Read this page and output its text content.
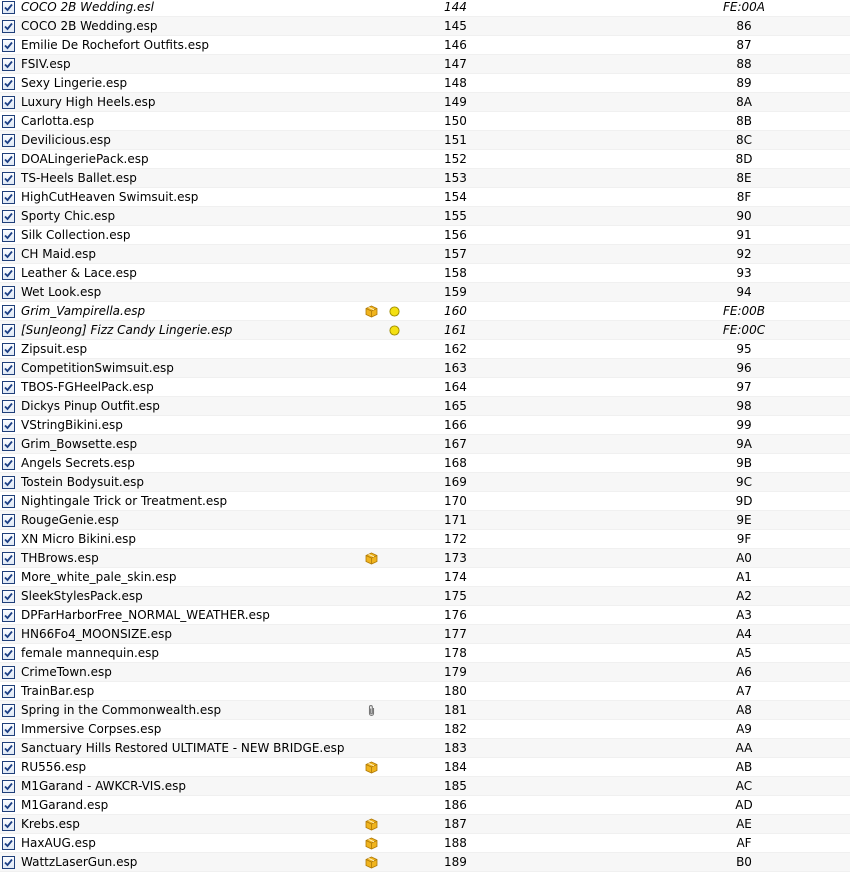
COCO 2B Wedding.esl	144	FE:00A
COCO 2B Wedding.esp	145	86
Emilie De Rochefort Outfits.esp	146	87
FSIV.esp	147	88
Sexy Lingerie.esp	148	89
Luxury High Heels.esp	149	8A
Carlotta.esp	150	8B
Devilicious.esp	151	8C
DOALingeriePack.esp	152	8D
TS-Heels Ballet.esp	153	8E
HighCutHeaven Swimsuit.esp	154	8F
Sporty Chic.esp	155	90
Silk Collection.esp	156	91
CH Maid.esp	157	92
Leather & Lace.esp	158	93
Wet Look.esp	159	94
Grim_Vampirella.esp	160	FE:00B
[SunJeong] Fizz Candy Lingerie.esp	161	FE:00C
Zipsuit.esp	162	95
CompetitionSwimsuit.esp	163	96
TBOS-FGHeelPack.esp	164	97
Dickys Pinup Outfit.esp	165	98
VStringBikini.esp	166	99
Grim_Bowsette.esp	167	9A
Angels Secrets.esp	168	9B
Tostein Bodysuit.esp	169	9C
Nightingale Trick or Treatment.esp	170	9D
RougeGenie.esp	171	9E
XN Micro Bikini.esp	172	9F
THBrows.esp	173	A0
More_white_pale_skin.esp	174	A1
SleekStylesPack.esp	175	A2
DPFarHarborFree_NORMAL_WEATHER.esp	176	A3
HN66Fo4_MOONSIZE.esp	177	A4
female mannequin.esp	178	A5
CrimeTown.esp	179	A6
TrainBar.esp	180	A7
Spring in the Commonwealth.esp	181	A8
Immersive Corpses.esp	182	A9
Sanctuary Hills Restored ULTIMATE - NEW BRIDGE.esp	183	AA
RU556.esp	184	AB
M1Garand - AWKCR-VIS.esp	185	AC
M1Garand.esp	186	AD
Krebs.esp	187	AE
HaxAUG.esp	188	AF
WattzLaserGun.esp	189	B0
